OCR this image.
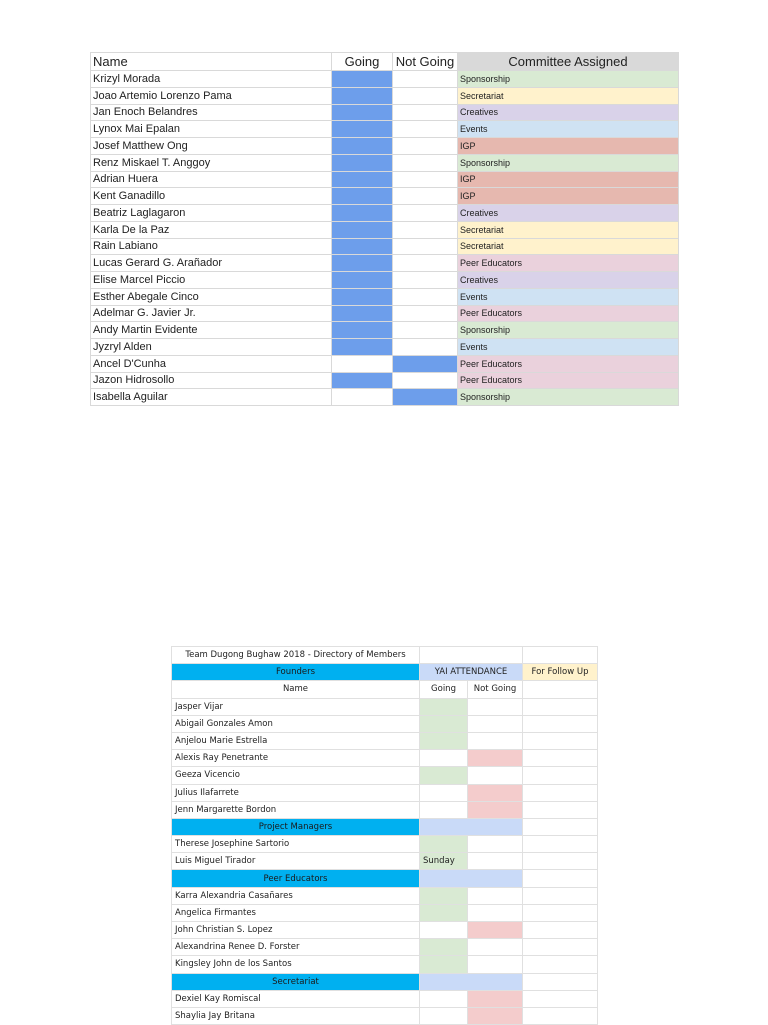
Name	Going	Not Going	Committee Assigned
Krizyl Morada			Sponsorship
Joao Artemio Lorenzo Pama			Secretariat
Jan Enoch Belandres			Creatives
Lynox Mai Epalan			Events
Josef Matthew Ong			IGP
Renz Miskael T. Anggoy			Sponsorship
Adrian Huera			IGP
Kent Ganadillo			IGP
Beatriz Laglagaron			Creatives
Karla De la Paz			Secretariat
Rain Labiano			Secretariat
Lucas Gerard G. Arañador			Peer Educators
Elise Marcel Piccio			Creatives
Esther Abegale Cinco			Events
Adelmar G. Javier Jr.			Peer Educators
Andy Martin Evidente			Sponsorship
Jyzryl Alden			Events
Ancel D'Cunha			Peer Educators
Jazon Hidrosollo			Peer Educators
Isabella Aguilar			Sponsorship
Team Dugong Bughaw 2018 - Directory of Members			
Founders	YAI ATTENDANCE		For Follow Up
Name	Going	Not Going	
Jasper Vijar			
Abigail Gonzales Amon			
Anjelou Marie Estrella			
Alexis Ray Penetrante			
Geeza Vicencio			
Julius Ilafarrete			
Jenn Margarette Bordon			
Project Managers			
Therese Josephine Sartorio			
Luis Miguel Tirador	Sunday		
Peer Educators			
Karra Alexandria Casañares			
Angelica Firmantes			
John Christian S. Lopez			
Alexandrina Renee D. Forster			
Kingsley John de los Santos			
Secretariat			
Dexiel Kay Romiscal			
Shaylia Jay Britana			
